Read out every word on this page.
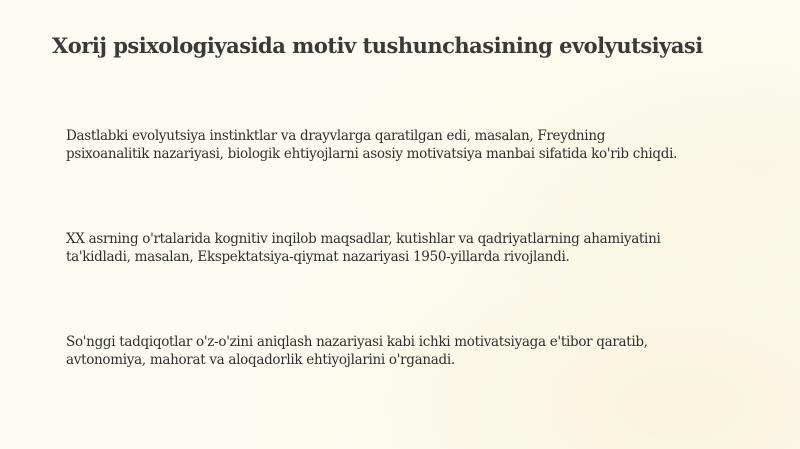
Xorij psixologiyasida motiv tushunchasining evolyutsiyasi
Dastlabki evolyutsiya instinktlar va drayvlarga qaratilgan edi, masalan, Freydning
psixoanalitik nazariyasi, biologik ehtiyojlarni asosiy motivatsiya manbai sifatida ko'rib chiqdi.
XX asrning o'rtalarida kognitiv inqilob maqsadlar, kutishlar va qadriyatlarning ahamiyatini
ta'kidladi, masalan, Ekspektatsiya-qiymat nazariyasi 1950-yillarda rivojlandi.
So'nggi tadqiqotlar o'z-o'zini aniqlash nazariyasi kabi ichki motivatsiyaga e'tibor qaratib,
avtonomiya, mahorat va aloqadorlik ehtiyojlarini o'rganadi.
